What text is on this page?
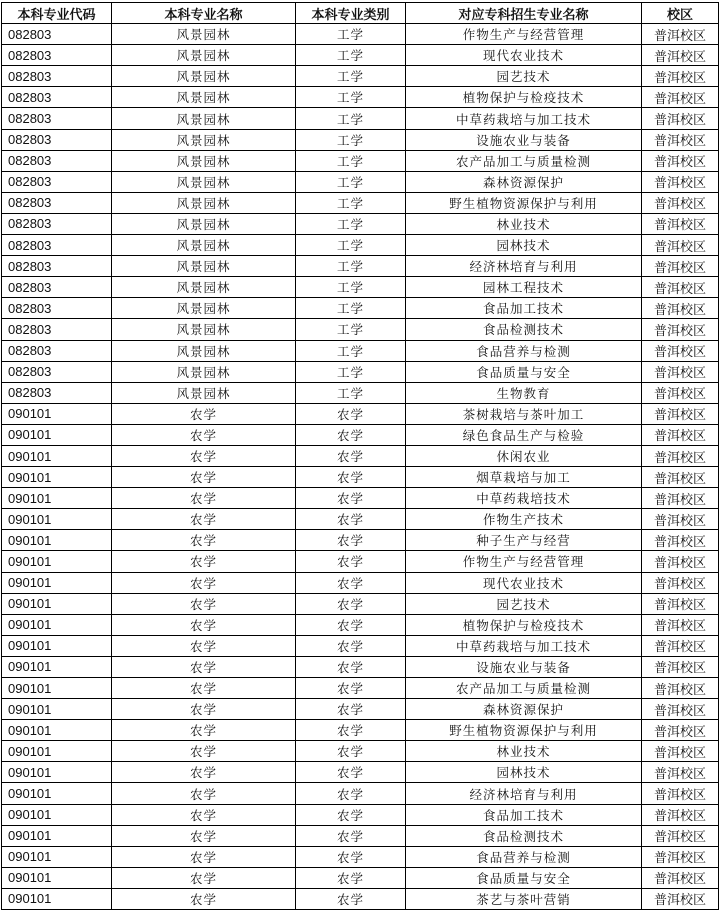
本科专业代码	本科专业名称	本科专业类别	对应专科招生专业名称	校区
082803	风景园林	工学	作物生产与经营管理	普洱校区
082803	风景园林	工学	现代农业技术	普洱校区
082803	风景园林	工学	园艺技术	普洱校区
082803	风景园林	工学	植物保护与检疫技术	普洱校区
082803	风景园林	工学	中草药栽培与加工技术	普洱校区
082803	风景园林	工学	设施农业与装备	普洱校区
082803	风景园林	工学	农产品加工与质量检测	普洱校区
082803	风景园林	工学	森林资源保护	普洱校区
082803	风景园林	工学	野生植物资源保护与利用	普洱校区
082803	风景园林	工学	林业技术	普洱校区
082803	风景园林	工学	园林技术	普洱校区
082803	风景园林	工学	经济林培育与利用	普洱校区
082803	风景园林	工学	园林工程技术	普洱校区
082803	风景园林	工学	食品加工技术	普洱校区
082803	风景园林	工学	食品检测技术	普洱校区
082803	风景园林	工学	食品营养与检测	普洱校区
082803	风景园林	工学	食品质量与安全	普洱校区
082803	风景园林	工学	生物教育	普洱校区
090101	农学	农学	茶树栽培与茶叶加工	普洱校区
090101	农学	农学	绿色食品生产与检验	普洱校区
090101	农学	农学	休闲农业	普洱校区
090101	农学	农学	烟草栽培与加工	普洱校区
090101	农学	农学	中草药栽培技术	普洱校区
090101	农学	农学	作物生产技术	普洱校区
090101	农学	农学	种子生产与经营	普洱校区
090101	农学	农学	作物生产与经营管理	普洱校区
090101	农学	农学	现代农业技术	普洱校区
090101	农学	农学	园艺技术	普洱校区
090101	农学	农学	植物保护与检疫技术	普洱校区
090101	农学	农学	中草药栽培与加工技术	普洱校区
090101	农学	农学	设施农业与装备	普洱校区
090101	农学	农学	农产品加工与质量检测	普洱校区
090101	农学	农学	森林资源保护	普洱校区
090101	农学	农学	野生植物资源保护与利用	普洱校区
090101	农学	农学	林业技术	普洱校区
090101	农学	农学	园林技术	普洱校区
090101	农学	农学	经济林培育与利用	普洱校区
090101	农学	农学	食品加工技术	普洱校区
090101	农学	农学	食品检测技术	普洱校区
090101	农学	农学	食品营养与检测	普洱校区
090101	农学	农学	食品质量与安全	普洱校区
090101	农学	农学	茶艺与茶叶营销	普洱校区
